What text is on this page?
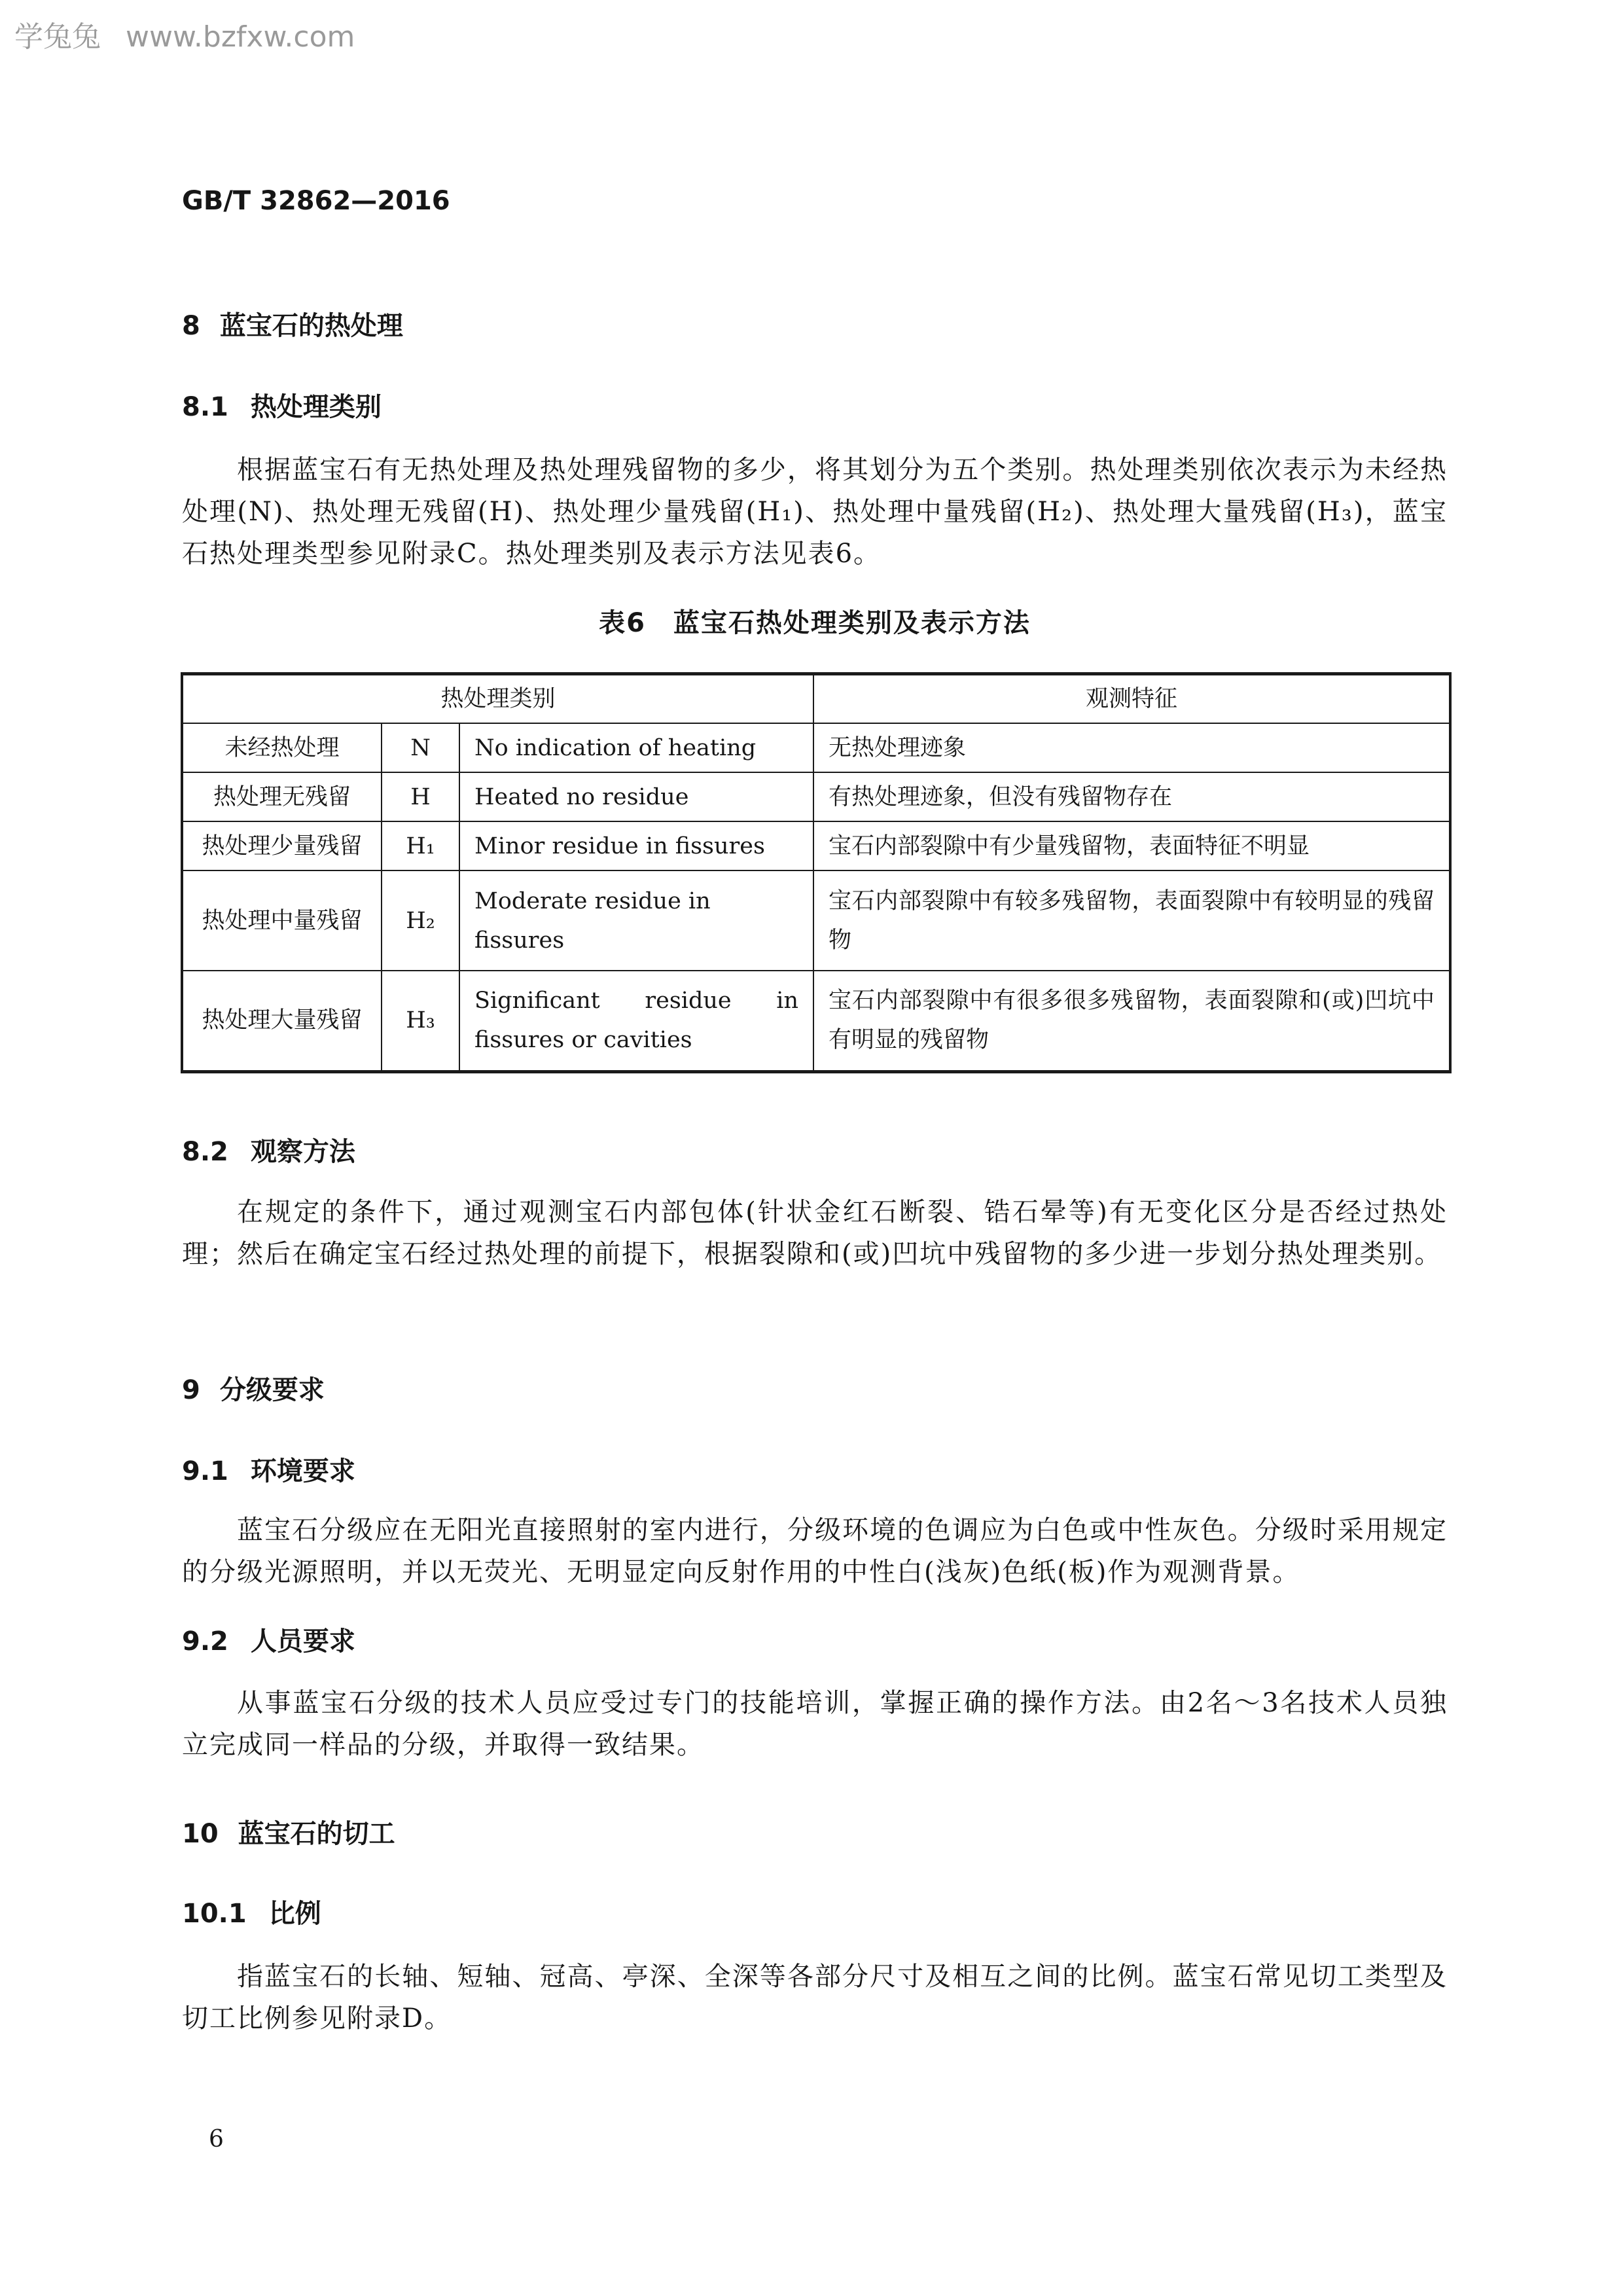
学兔兔 www.bzfxw.com
GB/T 32862—2016
8 蓝宝石的热处理
8.1 热处理类别
根据蓝宝石有无热处理及热处理残留物的多少，将其划分为五个类别。热处理类别依次表示为未经热处理(N)、热处理无残留(H)、热处理少量残留(H₁)、热处理中量残留(H₂)、热处理大量残留(H₃)，蓝宝石热处理类型参见附录C。热处理类别及表示方法见表6。
表6　蓝宝石热处理类别及表示方法
热处理类别			观测特征
未经热处理	N	No indication of heating	无热处理迹象
热处理无残留	H	Heated no residue	有热处理迹象，但没有残留物存在
热处理少量残留	H₁	Minor residue in fissures	宝石内部裂隙中有少量残留物，表面特征不明显
热处理中量残留	H₂	Moderate residue in fissures	宝石内部裂隙中有较多残留物，表面裂隙中有较明显的残留物
热处理大量残留	H₃	Significant residue in fissures or cavities	宝石内部裂隙中有很多很多残留物，表面裂隙和(或)凹坑中有明显的残留物
8.2 观察方法
在规定的条件下，通过观测宝石内部包体(针状金红石断裂、锆石晕等)有无变化区分是否经过热处理；然后在确定宝石经过热处理的前提下，根据裂隙和(或)凹坑中残留物的多少进一步划分热处理类别。
9 分级要求
9.1 环境要求
蓝宝石分级应在无阳光直接照射的室内进行，分级环境的色调应为白色或中性灰色。分级时采用规定的分级光源照明，并以无荧光、无明显定向反射作用的中性白(浅灰)色纸(板)作为观测背景。
9.2 人员要求
从事蓝宝石分级的技术人员应受过专门的技能培训，掌握正确的操作方法。由2名～3名技术人员独立完成同一样品的分级，并取得一致结果。
10 蓝宝石的切工
10.1 比例
指蓝宝石的长轴、短轴、冠高、亭深、全深等各部分尺寸及相互之间的比例。蓝宝石常见切工类型及切工比例参见附录D。
6
